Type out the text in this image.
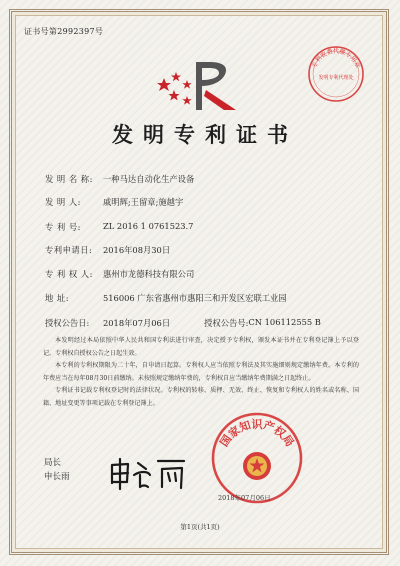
证书号第2992397号
专利收费代缴专用章
发明专利代理处
发明专利证书
发 明 名 称:	一种马达自动化生产设备
发 明 人:	戚明辉;王留章;施越宇
专 利 号:	ZL 2016 1 0761523.7
专利申请日:	2016年08月30日
专 利 权 人:	惠州市龙德科技有限公司
地 址:	516006 广东省惠州市惠阳三和开发区宏联工业园
授权公告日:	2018年07月06日	授权公告号: CN 106112555 B

本发明经过本局依照中华人民共和国专利法进行审查，决定授予专利权，颁发本证书并在专利登记簿上予以登记。专利权自授权公告之日起生效。

本专利的专利权期限为二十年，自申请日起算。专利权人应当依照专利法及其实施细则规定缴纳年费。本专利的年费应当在每年08月30日前缴纳。未按照规定缴纳年费的，专利权自应当缴纳年费期满之日起终止。

专利证书记载专利权登记时的法律状况。专利权的转移、质押、无效、终止、恢复和专利权人的姓名或名称、国籍、地址变更等事项记载在专利登记簿上。

局长
申长雨
国家知识产权局
2018年07月06日
第1页(共1页)
